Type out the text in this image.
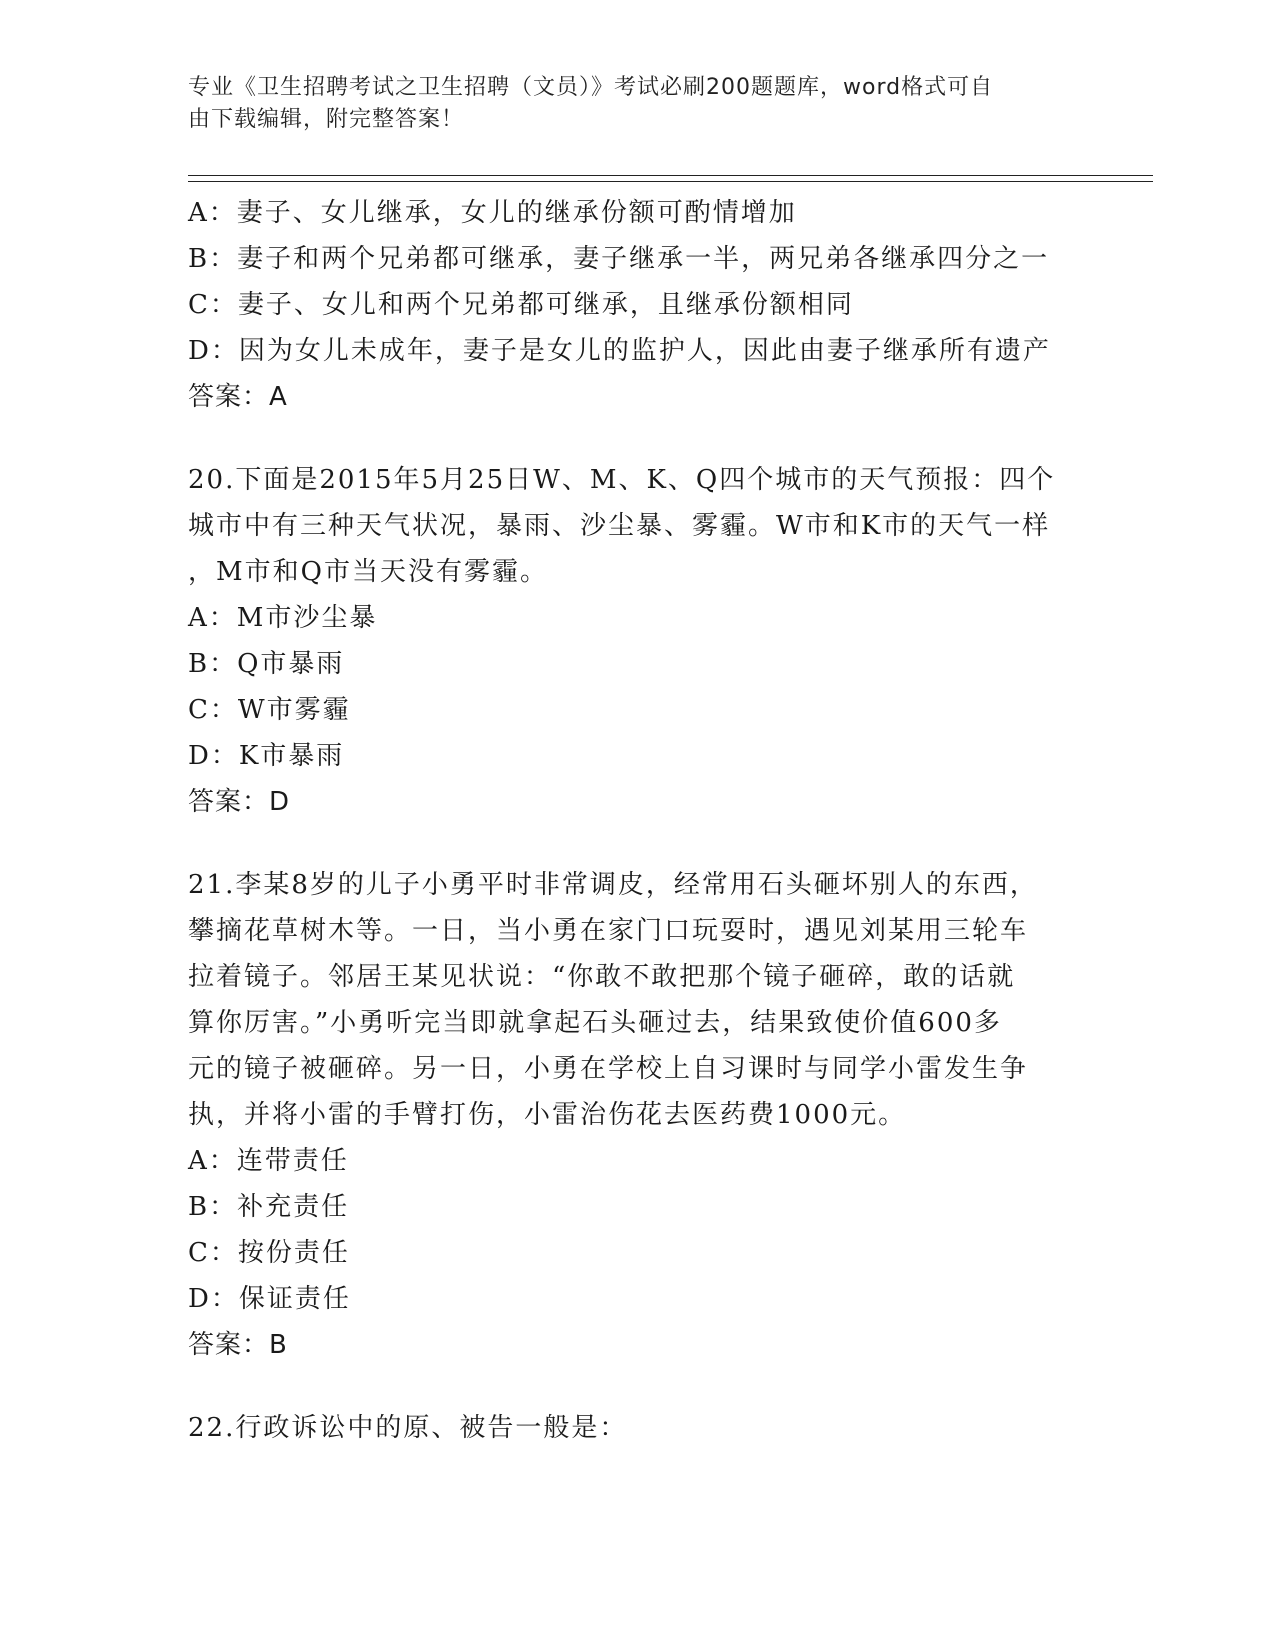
专业《卫生招聘考试之卫生招聘（文员）》考试必刷200题题库，word格式可自
由下载编辑，附完整答案！
A：妻子、女儿继承，女儿的继承份额可酌情增加
B：妻子和两个兄弟都可继承，妻子继承一半，两兄弟各继承四分之一
C：妻子、女儿和两个兄弟都可继承，且继承份额相同
D：因为女儿未成年，妻子是女儿的监护人，因此由妻子继承所有遗产
答案：A
20.下面是2015年5月25日W、M、K、Q四个城市的天气预报：四个
城市中有三种天气状况，暴雨、沙尘暴、雾霾。W市和K市的天气一样
，M市和Q市当天没有雾霾。
A：M市沙尘暴
B：Q市暴雨
C：W市雾霾
D：K市暴雨
答案：D
21.李某8岁的儿子小勇平时非常调皮，经常用石头砸坏别人的东西，
攀摘花草树木等。一日，当小勇在家门口玩耍时，遇见刘某用三轮车
拉着镜子。邻居王某见状说：“你敢不敢把那个镜子砸碎，敢的话就
算你厉害。”小勇听完当即就拿起石头砸过去，结果致使价值600多
元的镜子被砸碎。另一日，小勇在学校上自习课时与同学小雷发生争
执，并将小雷的手臂打伤，小雷治伤花去医药费1000元。
A：连带责任
B：补充责任
C：按份责任
D：保证责任
答案：B
22.行政诉讼中的原、被告一般是：
